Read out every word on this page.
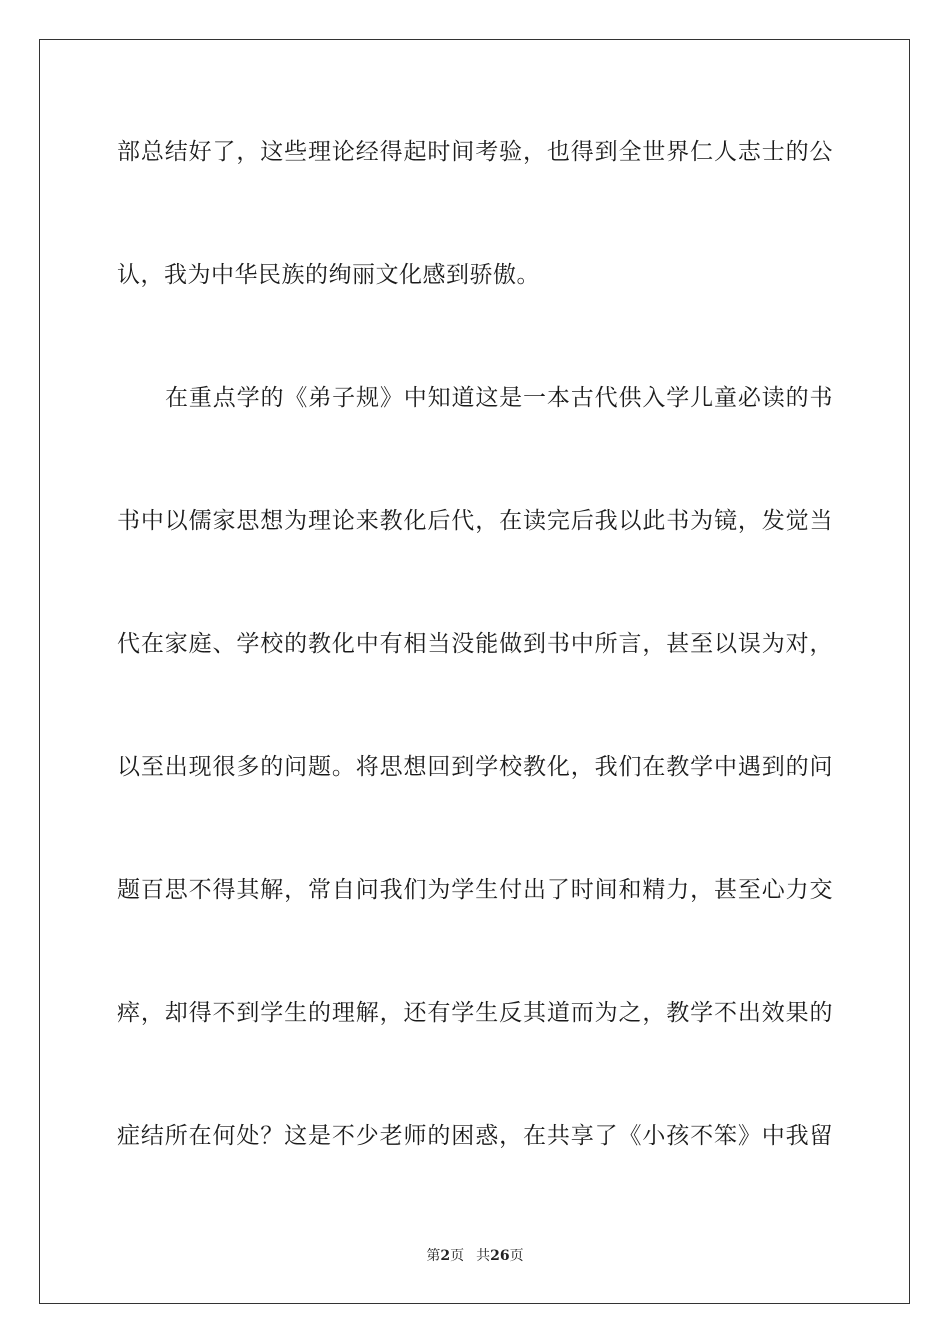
部总结好了，这些理论经得起时间考验，也得到全世界仁人志士的公
认，我为中华民族的绚丽文化感到骄傲。
在重点学的《弟子规》中知道这是一本古代供入学儿童必读的书
书中以儒家思想为理论来教化后代，在读完后我以此书为镜，发觉当
代在家庭、学校的教化中有相当没能做到书中所言，甚至以误为对，
以至出现很多的问题。将思想回到学校教化，我们在教学中遇到的问
题百思不得其解，常自问我们为学生付出了时间和精力，甚至心力交
瘁，却得不到学生的理解，还有学生反其道而为之，教学不出效果的
症结所在何处？这是不少老师的困惑，在共享了《小孩不笨》中我留
第2页 共26页
